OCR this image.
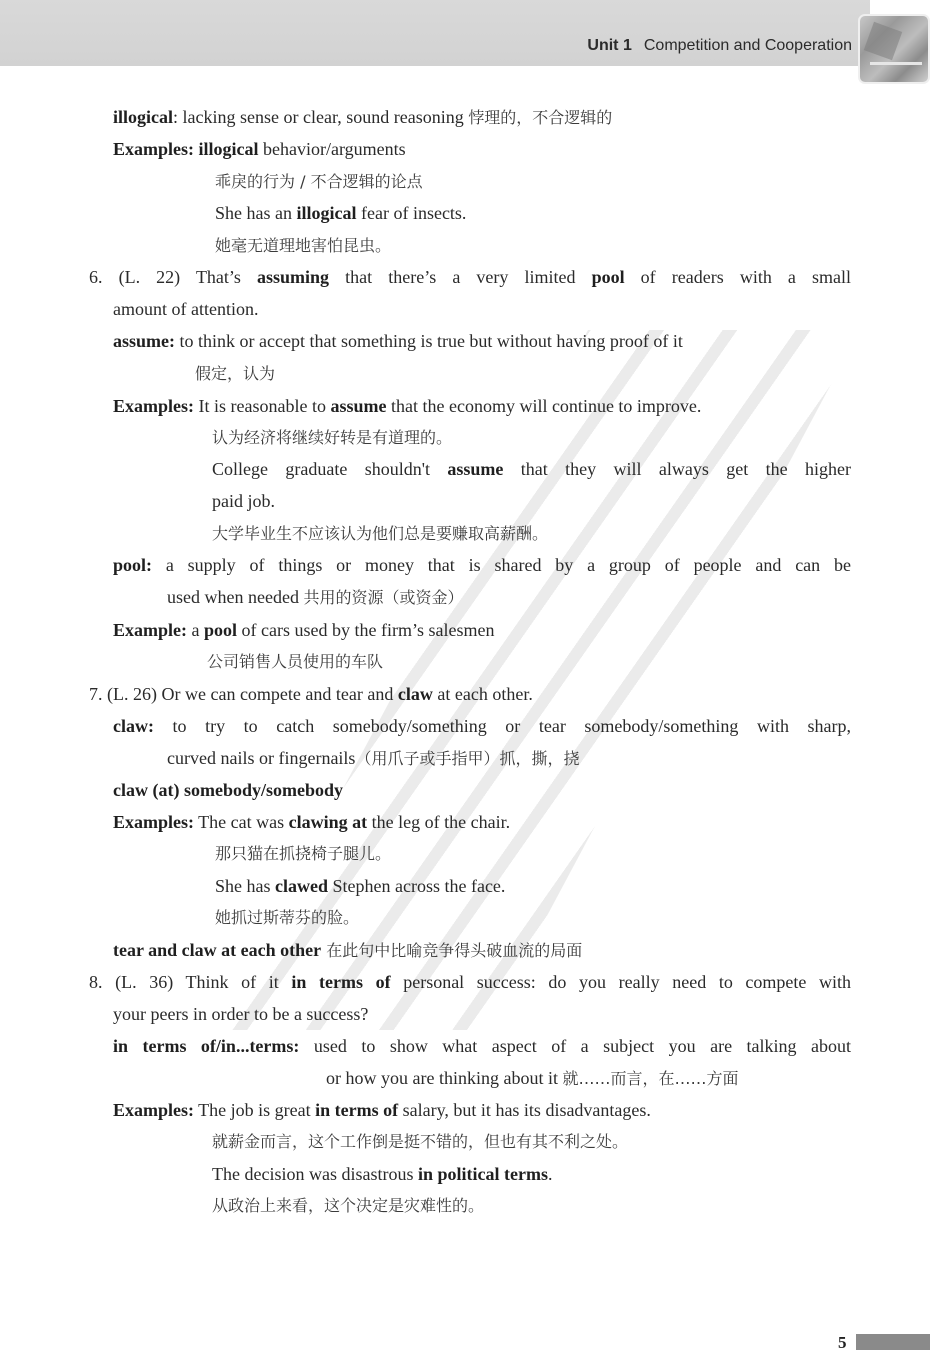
Unit 1 Competition and Cooperation
illogical: lacking sense or clear, sound reasoning 悖理的，不合逻辑的
Examples: illogical behavior/arguments
乖戾的行为 / 不合逻辑的论点
She has an illogical fear of insects.
她毫无道理地害怕昆虫。
6. (L. 22) That’s assuming that there’s a very limited pool of readers with a small
amount of attention.
assume: to think or accept that something is true but without having proof of it
假定，认为
Examples: It is reasonable to assume that the economy will continue to improve.
认为经济将继续好转是有道理的。
College graduate shouldn't assume that they will always get the higher
paid job.
大学毕业生不应该认为他们总是要赚取高薪酬。
pool: a supply of things or money that is shared by a group of people and can be
used when needed 共用的资源（或资金）
Example: a pool of cars used by the firm’s salesmen
公司销售人员使用的车队
7. (L. 26) Or we can compete and tear and claw at each other.
claw: to try to catch somebody/something or tear somebody/something with sharp,
curved nails or fingernails（用爪子或手指甲）抓，撕，挠
claw (at) somebody/somebody
Examples: The cat was clawing at the leg of the chair.
那只猫在抓挠椅子腿儿。
She has clawed Stephen across the face.
她抓过斯蒂芬的脸。
tear and claw at each other 在此句中比喻竞争得头破血流的局面
8. (L. 36) Think of it in terms of personal success: do you really need to compete with
your peers in order to be a success?
in terms of/in...terms: used to show what aspect of a subject you are talking about
or how you are thinking about it 就……而言，在……方面
Examples: The job is great in terms of salary, but it has its disadvantages.
就薪金而言，这个工作倒是挺不错的，但也有其不利之处。
The decision was disastrous in political terms.
从政治上来看，这个决定是灾难性的。
5
